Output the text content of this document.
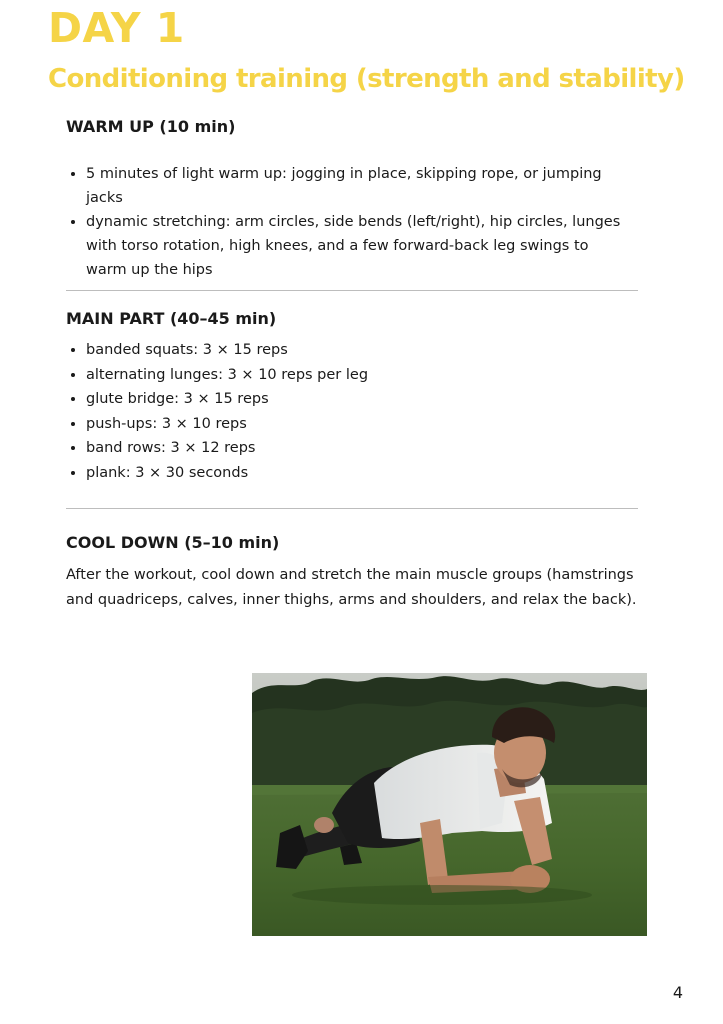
DAY 1
Conditioning training (strength and stability)
WARM UP (10 min)
5 minutes of light warm up: jogging in place, skipping rope, or jumping jacks
dynamic stretching: arm circles, side bends (left/right), hip circles, lunges with torso rotation, high knees, and a few forward-back leg swings to warm up the hips
MAIN PART (40–45 min)
banded squats: 3 × 15 reps
alternating lunges: 3 × 10 reps per leg
glute bridge: 3 × 15 reps
push-ups: 3 × 10 reps
band rows: 3 × 12 reps
plank: 3 × 30 seconds
COOL DOWN (5–10 min)

After the workout, cool down and stretch the main muscle groups (hamstrings and quadriceps, calves, inner thighs, arms and shoulders, and relax the back).

4
